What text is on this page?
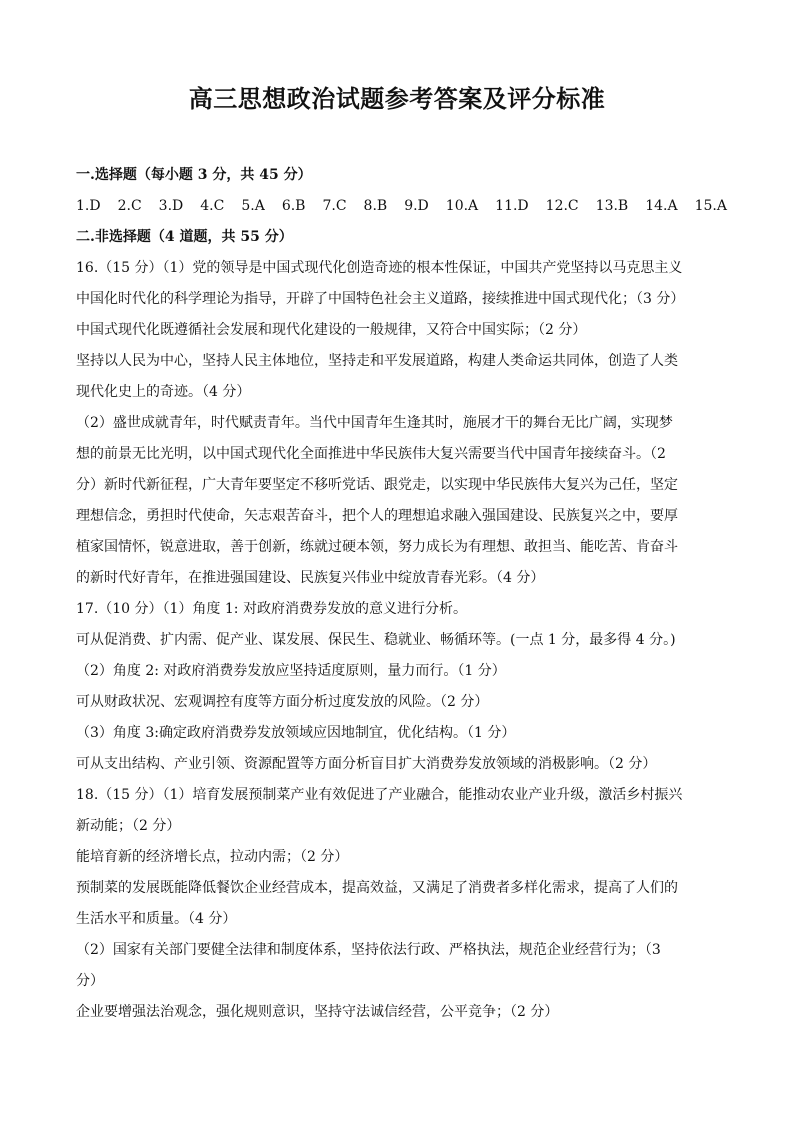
高三思想政治试题参考答案及评分标准
一.选择题（每小题 3 分，共 45 分）
1.D 2.C 3.D 4.C 5.A 6.B 7.C 8.B 9.D 10.A 11.D 12.C 13.B 14.A 15.A
二.非选择题（4 道题，共 55 分）
16.（15 分）（1）党的领导是中国式现代化创造奇迹的根本性保证，中国共产党坚持以马克思主义
中国化时代化的科学理论为指导，开辟了中国特色社会主义道路，接续推进中国式现代化；（3 分）
中国式现代化既遵循社会发展和现代化建设的一般规律，又符合中国实际；（2 分）
坚持以人民为中心，坚持人民主体地位，坚持走和平发展道路，构建人类命运共同体，创造了人类
现代化史上的奇迹。（4 分）
（2）盛世成就青年，时代赋责青年。当代中国青年生逢其时，施展才干的舞台无比广阔，实现梦
想的前景无比光明，以中国式现代化全面推进中华民族伟大复兴需要当代中国青年接续奋斗。（2
分）新时代新征程，广大青年要坚定不移听党话、跟党走，以实现中华民族伟大复兴为己任，坚定
理想信念，勇担时代使命，矢志艰苦奋斗，把个人的理想追求融入强国建设、民族复兴之中，要厚
植家国情怀，锐意进取，善于创新，练就过硬本领，努力成长为有理想、敢担当、能吃苦、肯奋斗
的新时代好青年，在推进强国建设、民族复兴伟业中绽放青春光彩。（4 分）
17.（10 分）（1）角度 1: 对政府消费券发放的意义进行分析。
可从促消费、扩内需、促产业、谋发展、保民生、稳就业、畅循环等。(一点 1 分，最多得 4 分。)
（2）角度 2: 对政府消费券发放应坚持适度原则，量力而行。（1 分）
可从财政状况、宏观调控有度等方面分析过度发放的风险。（2 分）
（3）角度 3:确定政府消费券发放领域应因地制宜，优化结构。（1 分）
可从支出结构、产业引领、资源配置等方面分析盲目扩大消费券发放领域的消极影响。（2 分）
18.（15 分）（1）培育发展预制菜产业有效促进了产业融合，能推动农业产业升级，激活乡村振兴
新动能；（2 分）
能培育新的经济增长点，拉动内需；（2 分）
预制菜的发展既能降低餐饮企业经营成本，提高效益，又满足了消费者多样化需求，提高了人们的
生活水平和质量。（4 分）
（2）国家有关部门要健全法律和制度体系，坚持依法行政、严格执法，规范企业经营行为；（3
分）
企业要增强法治观念，强化规则意识，坚持守法诚信经营，公平竞争；（2 分）
